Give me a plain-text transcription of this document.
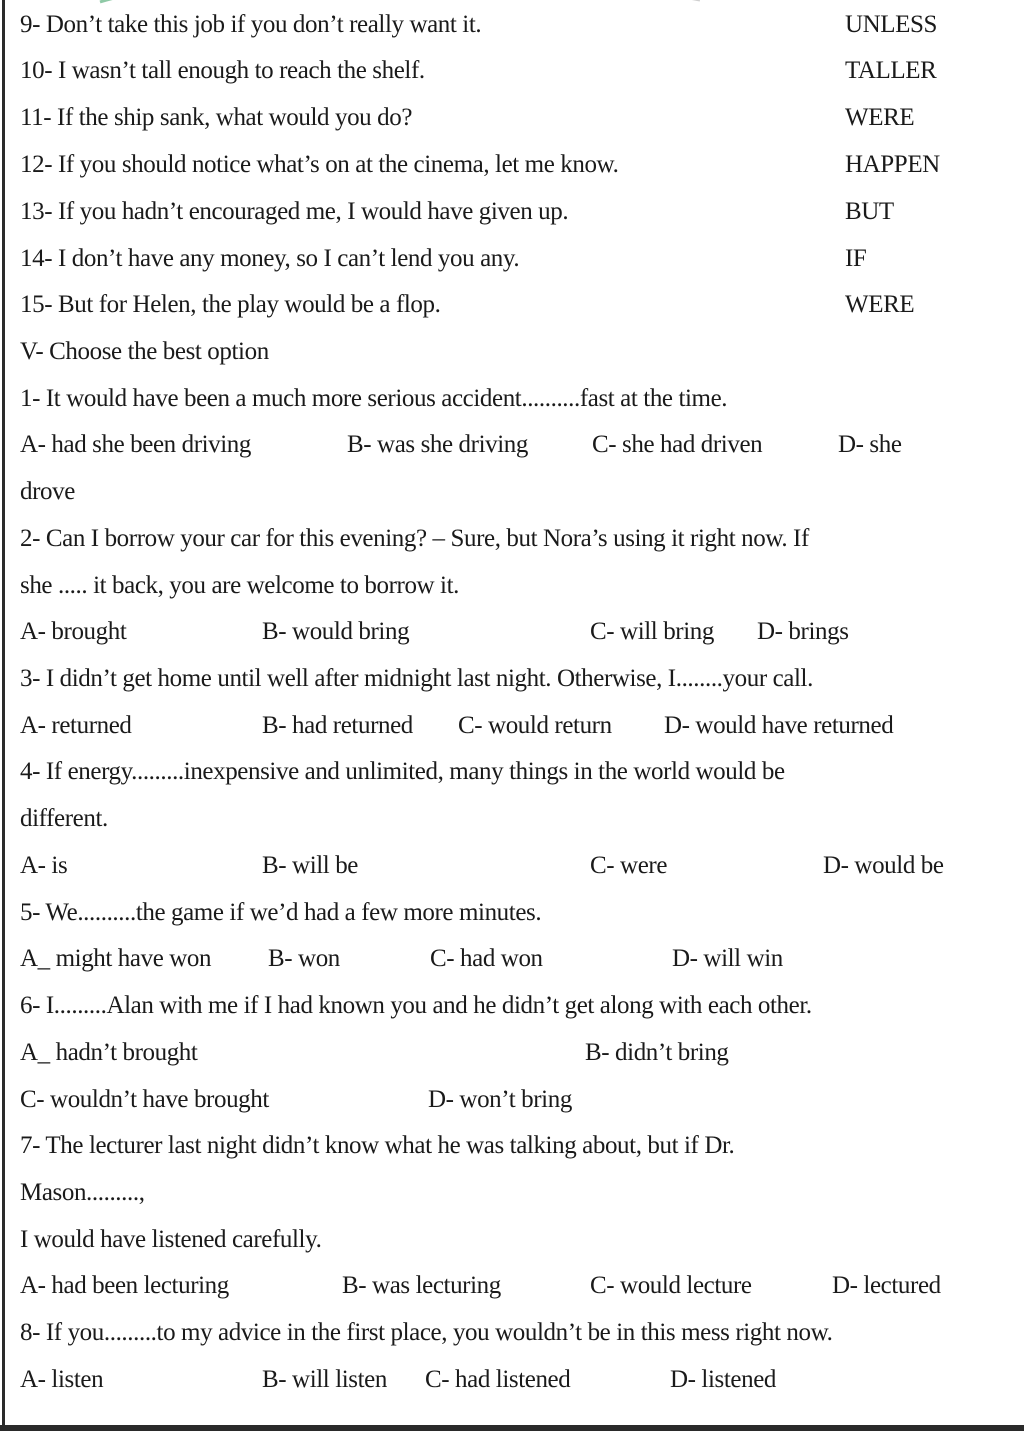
9- Don’t take this job if you don’t really want it.	UNLESS
10- I wasn’t tall enough to reach the shelf.	TALLER
11- If the ship sank, what would you do?	WERE
12- If you should notice what’s on at the cinema, let me know.	HAPPEN
13- If you hadn’t encouraged me, I would have given up.	BUT
14- I don’t have any money, so I can’t lend you any.	IF
15- But for Helen, the play would be a flop.	WERE
V- Choose the best option
1- It would have been a much more serious accident..........fast at the time.
A- had she been driving	B- was she driving	C- she had driven	D- she
drove
2- Can I borrow your car for this evening? – Sure, but Nora’s using it right now. If
she ..... it back, you are welcome to borrow it.
A- brought	B- would bring	C- will bring D- brings
3- I didn’t get home until well after midnight last night. Otherwise, I........your call.
A- returned	B- had returned C- would return D- would have returned
4- If energy.........inexpensive and unlimited, many things in the world would be
different.
A- is	B- will be	C- were	D- would be
5- We..........the game if we’d had a few more minutes.
A_ might have won B- won	C- had won	D- will win
6- I.........Alan with me if I had known you and he didn’t get along with each other.
A_ hadn’t brought	B- didn’t bring
C- wouldn’t have brought	D- won’t bring
7- The lecturer last night didn’t know what he was talking about, but if Dr.
Mason.........,
I would have listened carefully.
A- had been lecturing	B- was lecturing	C- would lecture	D- lectured
8- If you.........to my advice in the first place, you wouldn’t be in this mess right now.
A- listen	B- will listen C- had listened	D- listened
